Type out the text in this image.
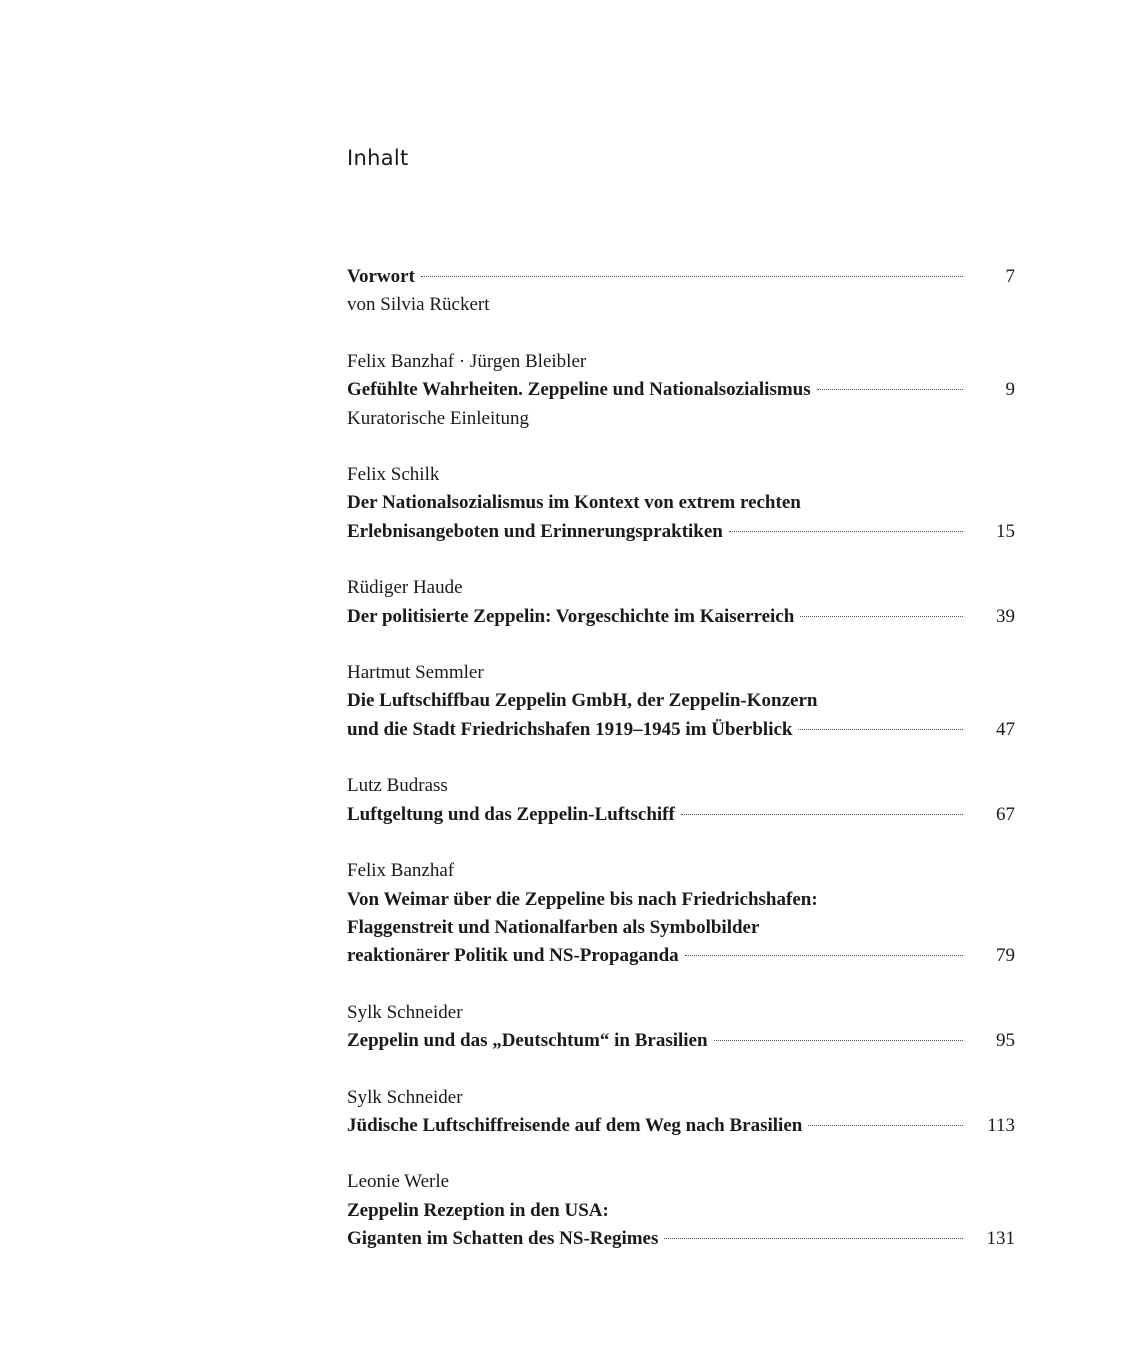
Inhalt
Vorwort	7
von Silvia Rückert
Felix Banzhaf · Jürgen Bleibler
Gefühlte Wahrheiten. Zeppeline und Nationalsozialismus	9
Kuratorische Einleitung
Felix Schilk
Der Nationalsozialismus im Kontext von extrem rechten
Erlebnisangeboten und Erinnerungspraktiken	15
Rüdiger Haude
Der politisierte Zeppelin: Vorgeschichte im Kaiserreich	39
Hartmut Semmler
Die Luftschiffbau Zeppelin GmbH, der Zeppelin-Konzern
und die Stadt Friedrichshafen 1919–1945 im Überblick	47
Lutz Budrass
Luftgeltung und das Zeppelin-Luftschiff	67
Felix Banzhaf
Von Weimar über die Zeppeline bis nach Friedrichshafen:
Flaggenstreit und Nationalfarben als Symbolbilder
reaktionärer Politik und NS-Propaganda	79
Sylk Schneider
Zeppelin und das „Deutschtum“ in Brasilien	95
Sylk Schneider
Jüdische Luftschiffreisende auf dem Weg nach Brasilien	113
Leonie Werle
Zeppelin Rezeption in den USA:
Giganten im Schatten des NS-Regimes	131
